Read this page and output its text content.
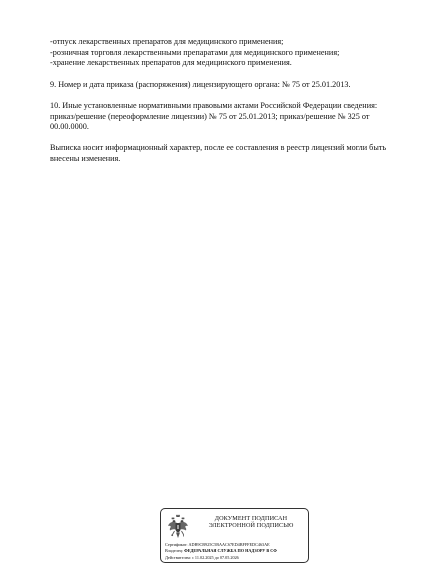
-отпуск лекарственных препаратов для медицинского применения;
-розничная торговля лекарственными препаратами для медицинского применения;
-хранение лекарственных препаратов для медицинского применения.
9. Номер и дата приказа (распоряжения) лицензирующего органа: № 75 от 25.01.2013.
10. Иные установленные нормативными правовыми актами Российской Федерации сведения:
приказ/решение (переоформление лицензии) № 75 от 25.01.2013; приказ/решение № 325 от
00.00.0000.
Выписка носит информационный характер, после ее составления в реестр лицензий могли быть
внесены изменения.
ДОКУМЕНТ ПОДПИСАН
ЭЛЕКТРОННОЙ ПОДПИСЬЮ
Сертификат: ADB9CB925C5BAAC67ED4BFFFEDC463AE
Владелец: ФЕДЕРАЛЬНАЯ СЛУЖБА ПО НАДЗОРУ В СФ
Действителен: с 11.02.2025 до 07.05.2026
